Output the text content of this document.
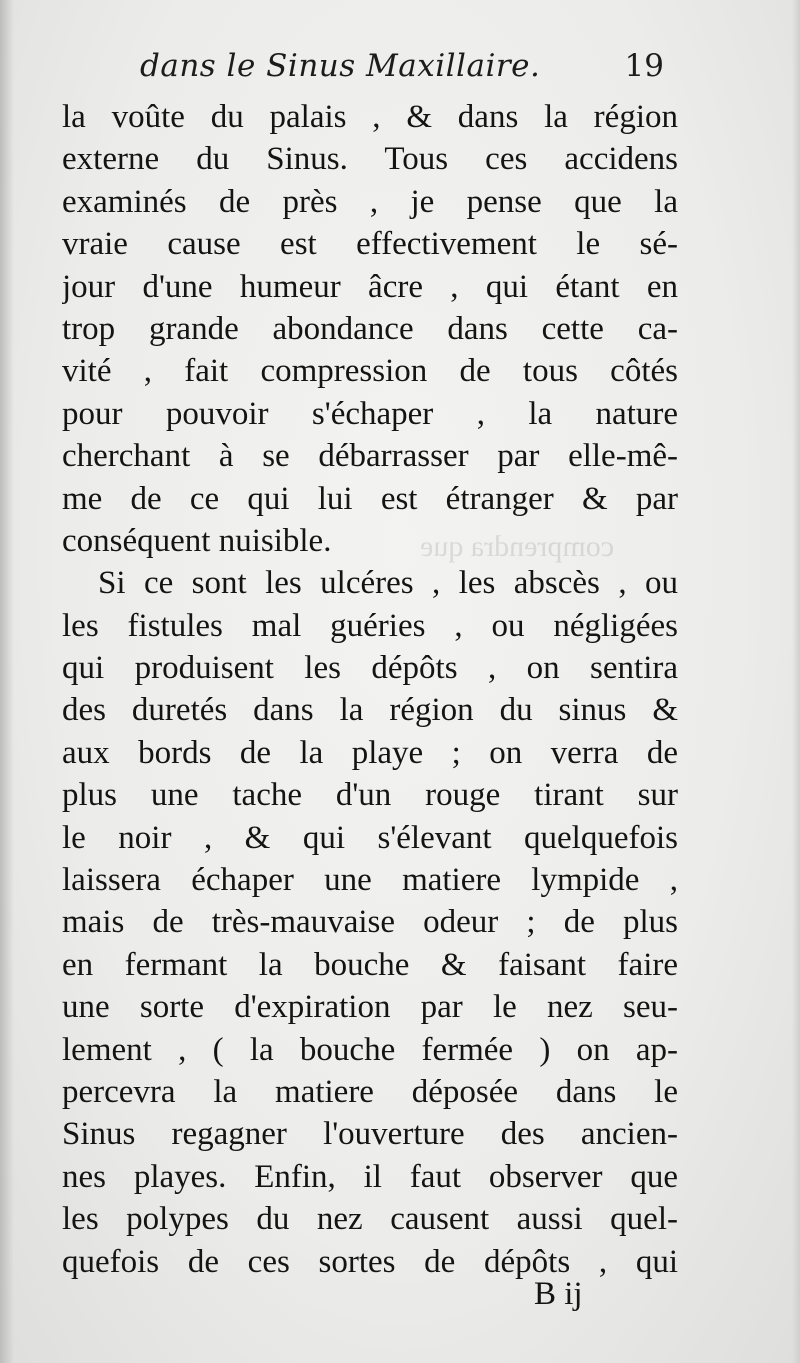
comprendra que
dans le Sinus Maxillaire.	19
la voûte du palais , & dans la région
externe du Sinus. Tous ces accidens
examinés de près , je pense que la
vraie cause est effectivement le sé-
jour d'une humeur âcre , qui étant en
trop grande abondance dans cette ca-
vité , fait compression de tous côtés
pour pouvoir s'échaper , la nature
cherchant à se débarrasser par elle-mê-
me de ce qui lui est étranger & par
conséquent nuisible.
Si ce sont les ulcéres , les abscès , ou
les fistules mal guéries , ou négligées
qui produisent les dépôts , on sentira
des duretés dans la région du sinus &
aux bords de la playe ; on verra de
plus une tache d'un rouge tirant sur
le noir , & qui s'élevant quelquefois
laissera échaper une matiere lympide ,
mais de très-mauvaise odeur ; de plus
en fermant la bouche & faisant faire
une sorte d'expiration par le nez seu-
lement , ( la bouche fermée ) on ap-
percevra la matiere déposée dans le
Sinus regagner l'ouverture des ancien-
nes playes. Enfin, il faut observer que
les polypes du nez causent aussi quel-
quefois de ces sortes de dépôts , qui
B ij
